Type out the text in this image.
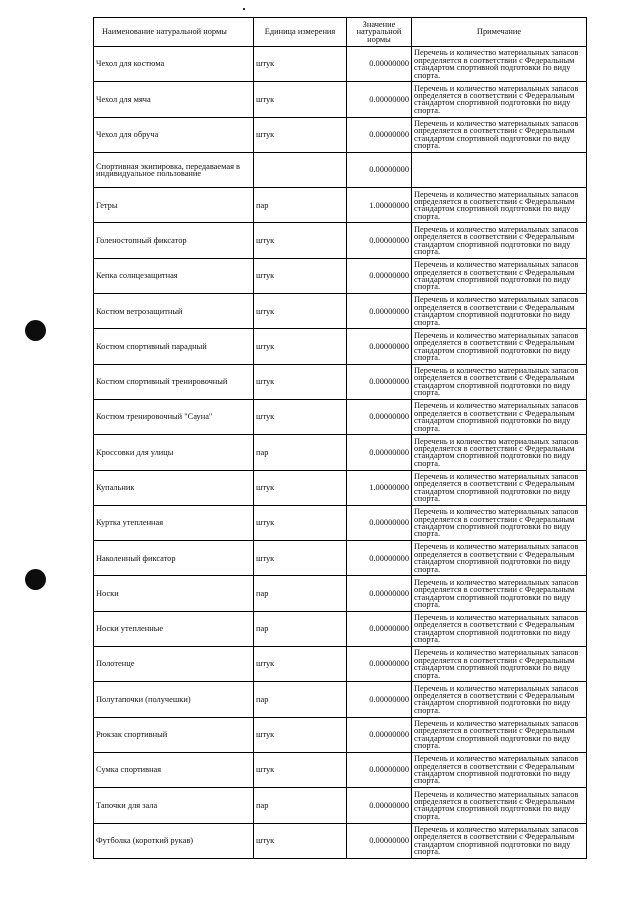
Наименование натуральной нормы	Единица измерения	Значение натуральной нормы	Примечание
Чехол для костюма	штук	0.00000000	Перечень и количество материальных запасов определяется в соответствии с Федеральным стандартом спортивной подготовки по виду спорта.
Чехол для мяча	штук	0.00000000	Перечень и количество материальных запасов определяется в соответствии с Федеральным стандартом спортивной подготовки по виду спорта.
Чехол для обруча	штук	0.00000000	Перечень и количество материальных запасов определяется в соответствии с Федеральным стандартом спортивной подготовки по виду спорта.
Спортивная экипировка, передаваемая в индивидуальное пользование		0.00000000	
Гетры	пар	1.00000000	Перечень и количество материальных запасов определяется в соответствии с Федеральным стандартом спортивной подготовки по виду спорта.
Голеностопный фиксатор	штук	0.00000000	Перечень и количество материальных запасов определяется в соответствии с Федеральным стандартом спортивной подготовки по виду спорта.
Кепка солнцезащитная	штук	0.00000000	Перечень и количество материальных запасов определяется в соответствии с Федеральным стандартом спортивной подготовки по виду спорта.
Костюм ветрозащитный	штук	0.00000000	Перечень и количество материальных запасов определяется в соответствии с Федеральным стандартом спортивной подготовки по виду спорта.
Костюм спортивный парадный	штук	0.00000000	Перечень и количество материальных запасов определяется в соответствии с Федеральным стандартом спортивной подготовки по виду спорта.
Костюм спортивный тренировочный	штук	0.00000000	Перечень и количество материальных запасов определяется в соответствии с Федеральным стандартом спортивной подготовки по виду спорта.
Костюм тренировочный "Сауна"	штук	0.00000000	Перечень и количество материальных запасов определяется в соответствии с Федеральным стандартом спортивной подготовки по виду спорта.
Кроссовки для улицы	пар	0.00000000	Перечень и количество материальных запасов определяется в соответствии с Федеральным стандартом спортивной подготовки по виду спорта.
Купальник	штук	1.00000000	Перечень и количество материальных запасов определяется в соответствии с Федеральным стандартом спортивной подготовки по виду спорта.
Куртка утепленная	штук	0.00000000	Перечень и количество материальных запасов определяется в соответствии с Федеральным стандартом спортивной подготовки по виду спорта.
Наколенный фиксатор	штук	0.00000000	Перечень и количество материальных запасов определяется в соответствии с Федеральным стандартом спортивной подготовки по виду спорта.
Носки	пар	0.00000000	Перечень и количество материальных запасов определяется в соответствии с Федеральным стандартом спортивной подготовки по виду спорта.
Носки утепленные	пар	0.00000000	Перечень и количество материальных запасов определяется в соответствии с Федеральным стандартом спортивной подготовки по виду спорта.
Полотенце	штук	0.00000000	Перечень и количество материальных запасов определяется в соответствии с Федеральным стандартом спортивной подготовки по виду спорта.
Полутапочки (получешки)	пар	0.00000000	Перечень и количество материальных запасов определяется в соответствии с Федеральным стандартом спортивной подготовки по виду спорта.
Рюкзак спортивный	штук	0.00000000	Перечень и количество материальных запасов определяется в соответствии с Федеральным стандартом спортивной подготовки по виду спорта.
Сумка спортивная	штук	0.00000000	Перечень и количество материальных запасов определяется в соответствии с Федеральным стандартом спортивной подготовки по виду спорта.
Тапочки для зала	пар	0.00000000	Перечень и количество материальных запасов определяется в соответствии с Федеральным стандартом спортивной подготовки по виду спорта.
Футболка (короткий рукав)	штук	0.00000000	Перечень и количество материальных запасов определяется в соответствии с Федеральным стандартом спортивной подготовки по виду спорта.
